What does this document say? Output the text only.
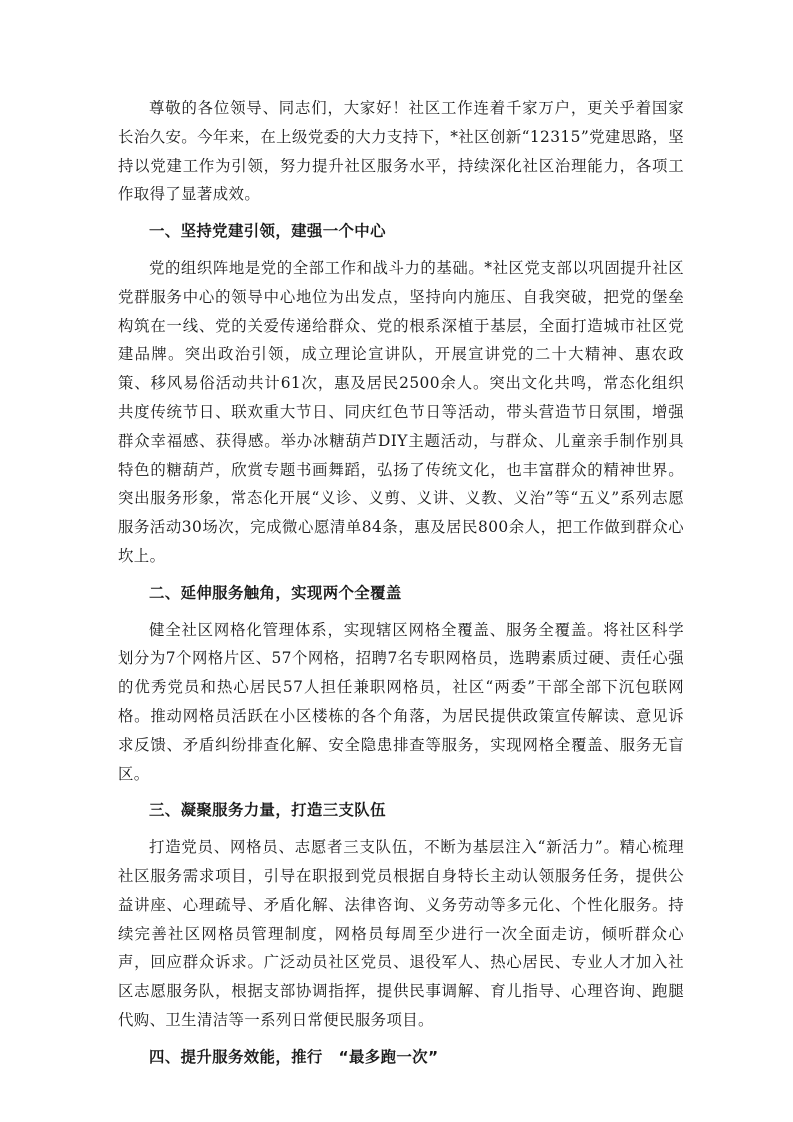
尊敬的各位领导、同志们，大家好！社区工作连着千家万户，更关乎着国家长治久安。今年来，在上级党委的大力支持下，*社区创新“12315”党建思路，坚持以党建工作为引领，努力提升社区服务水平，持续深化社区治理能力，各项工作取得了显著成效。

一、坚持党建引领，建强一个中心

党的组织阵地是党的全部工作和战斗力的基础。*社区党支部以巩固提升社区党群服务中心的领导中心地位为出发点，坚持向内施压、自我突破，把党的堡垒构筑在一线、党的关爱传递给群众、党的根系深植于基层，全面打造城市社区党建品牌。突出政治引领，成立理论宣讲队，开展宣讲党的二十大精神、惠农政策、移风易俗活动共计61次，惠及居民2500余人。突出文化共鸣，常态化组织共度传统节日、联欢重大节日、同庆红色节日等活动，带头营造节日氛围，增强群众幸福感、获得感。举办冰糖葫芦DIY主题活动，与群众、儿童亲手制作别具特色的糖葫芦，欣赏专题书画舞蹈，弘扬了传统文化，也丰富群众的精神世界。突出服务形象，常态化开展“义诊、义剪、义讲、义教、义治”等“五义”系列志愿服务活动30场次，完成微心愿清单84条，惠及居民800余人，把工作做到群众心坎上。

二、延伸服务触角，实现两个全覆盖

健全社区网格化管理体系，实现辖区网格全覆盖、服务全覆盖。将社区科学划分为7个网格片区、57个网格，招聘7名专职网格员，选聘素质过硬、责任心强的优秀党员和热心居民57人担任兼职网格员，社区“两委”干部全部下沉包联网格。推动网格员活跃在小区楼栋的各个角落，为居民提供政策宣传解读、意见诉求反馈、矛盾纠纷排查化解、安全隐患排查等服务，实现网格全覆盖、服务无盲区。

三、凝聚服务力量，打造三支队伍

打造党员、网格员、志愿者三支队伍，不断为基层注入“新活力”。精心梳理社区服务需求项目，引导在职报到党员根据自身特长主动认领服务任务，提供公益讲座、心理疏导、矛盾化解、法律咨询、义务劳动等多元化、个性化服务。持续完善社区网格员管理制度，网格员每周至少进行一次全面走访，倾听群众心声，回应群众诉求。广泛动员社区党员、退役军人、热心居民、专业人才加入社区志愿服务队，根据支部协调指挥，提供民事调解、育儿指导、心理咨询、跑腿代购、卫生清洁等一系列日常便民服务项目。

四、提升服务效能，推行　“最多跑一次”
